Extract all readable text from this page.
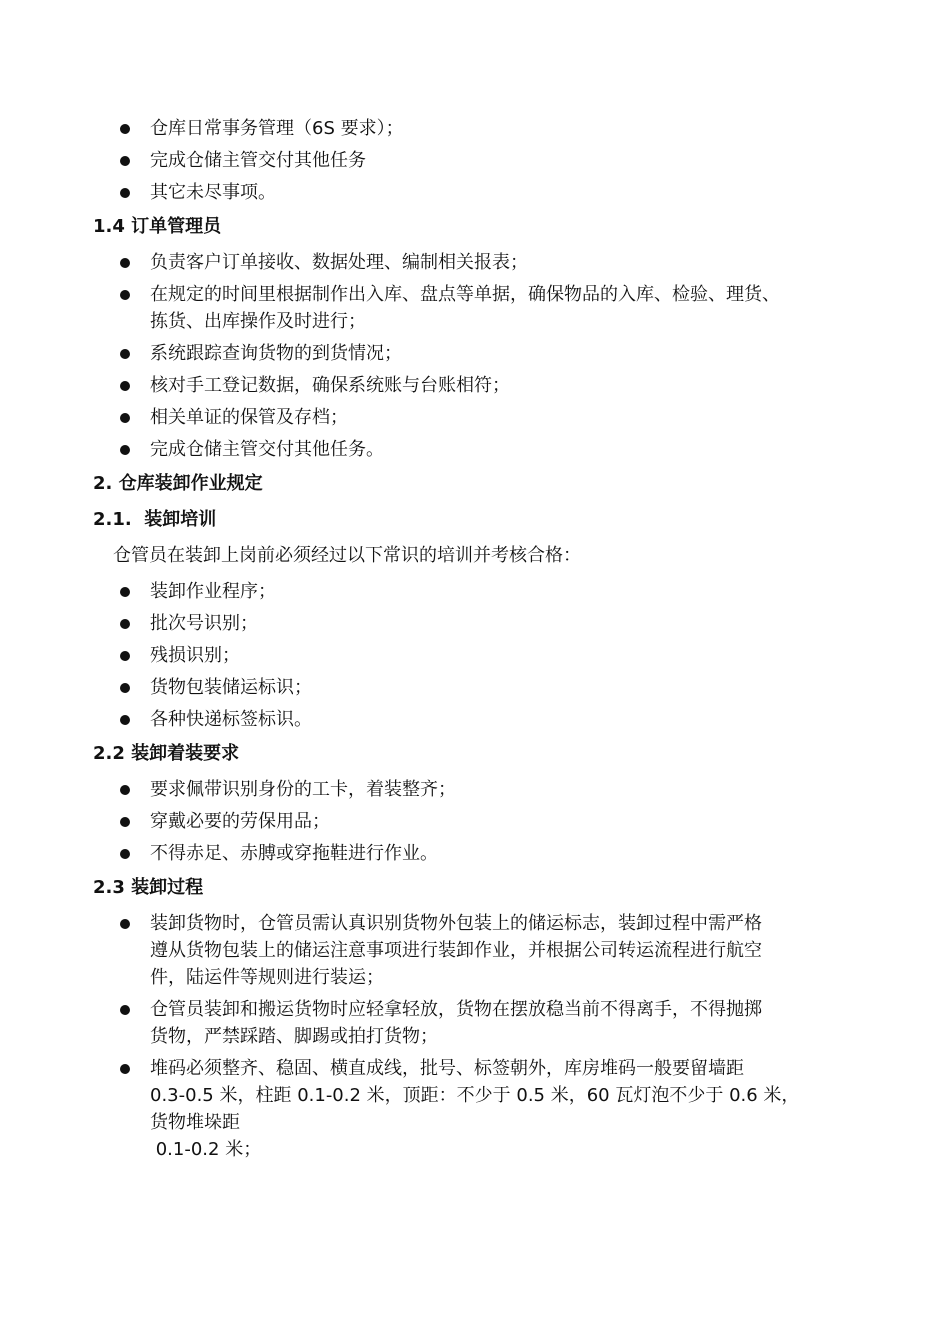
仓库日常事务管理（6S 要求）；
完成仓储主管交付其他任务
其它未尽事项。
1.4 订单管理员
负责客户订单接收、数据处理、编制相关报表；
在规定的时间里根据制作出入库、盘点等单据，确保物品的入库、检验、理货、
拣货、出库操作及时进行；
系统跟踪查询货物的到货情况；
核对手工登记数据，确保系统账与台账相符；
相关单证的保管及存档；
完成仓储主管交付其他任务。
2. 仓库装卸作业规定
2.1.  装卸培训
仓管员在装卸上岗前必须经过以下常识的培训并考核合格：
装卸作业程序；
批次号识别；
残损识别；
货物包装储运标识；
各种快递标签标识。
2.2 装卸着装要求
要求佩带识别身份的工卡，着装整齐；
穿戴必要的劳保用品；
不得赤足、赤膊或穿拖鞋进行作业。
2.3 装卸过程
装卸货物时，仓管员需认真识别货物外包装上的储运标志，装卸过程中需严格
遵从货物包装上的储运注意事项进行装卸作业，并根据公司转运流程进行航空
件，陆运件等规则进行装运；
仓管员装卸和搬运货物时应轻拿轻放，货物在摆放稳当前不得离手，不得抛掷
货物，严禁踩踏、脚踢或拍打货物；
堆码必须整齐、稳固、横直成线，批号、标签朝外，库房堆码一般要留墙距
0.3-0.5 米，柱距 0.1-0.2 米，顶距：不少于 0.5 米，60 瓦灯泡不少于 0.6 米，
货物堆垛距
0.1-0.2 米；
